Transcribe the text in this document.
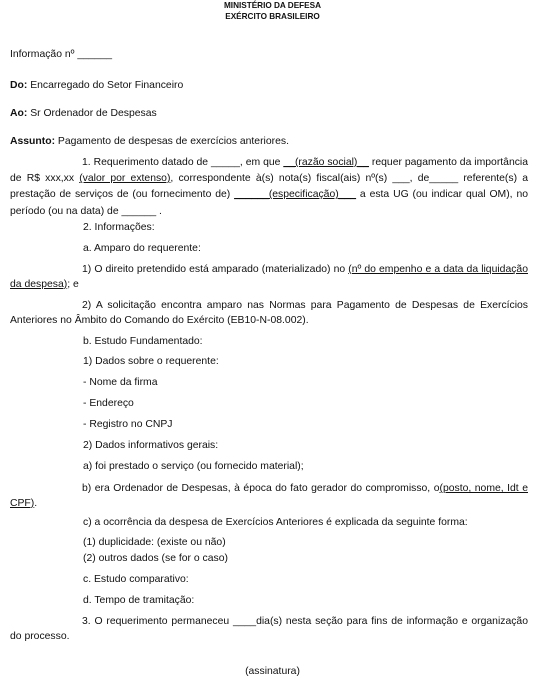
MINISTÉRIO DA DEFESA
EXÉRCITO BRASILEIRO
Informação nº ______
Do: Encarregado do Setor Financeiro
Ao: Sr Ordenador de Despesas
Assunto: Pagamento de despesas de exercícios anteriores.
1. Requerimento datado de _____, em que __(razão social)__ requer pagamento da importância de R$ xxx,xx (valor por extenso), correspondente à(s) nota(s) fiscal(ais) nº(s) ___, de_____ referente(s) a prestação de serviços de (ou fornecimento de) ______(especificação)___ a esta UG (ou indicar qual OM), no período (ou na data) de ______ .
2. Informações:
a. Amparo do requerente:
1) O direito pretendido está amparado (materializado) no (nº do empenho e a data da liquidação da despesa); e
2) A solicitação encontra amparo nas Normas para Pagamento de Despesas de Exercícios Anteriores no Âmbito do Comando do Exército (EB10-N-08.002).
b. Estudo Fundamentado:
1) Dados sobre o requerente:
- Nome da firma
- Endereço
- Registro no CNPJ
2) Dados informativos gerais:
a) foi prestado o serviço (ou fornecido material);
b) era Ordenador de Despesas, à época do fato gerador do compromisso, o(posto, nome, Idt e CPF).
c) a ocorrência da despesa de Exercícios Anteriores é explicada da seguinte forma:
(1) duplicidade: (existe ou não)
(2) outros dados (se for o caso)
c. Estudo comparativo:
d. Tempo de tramitação:
3. O requerimento permaneceu ____dia(s) nesta seção para fins de informação e organização do processo.
(assinatura)
